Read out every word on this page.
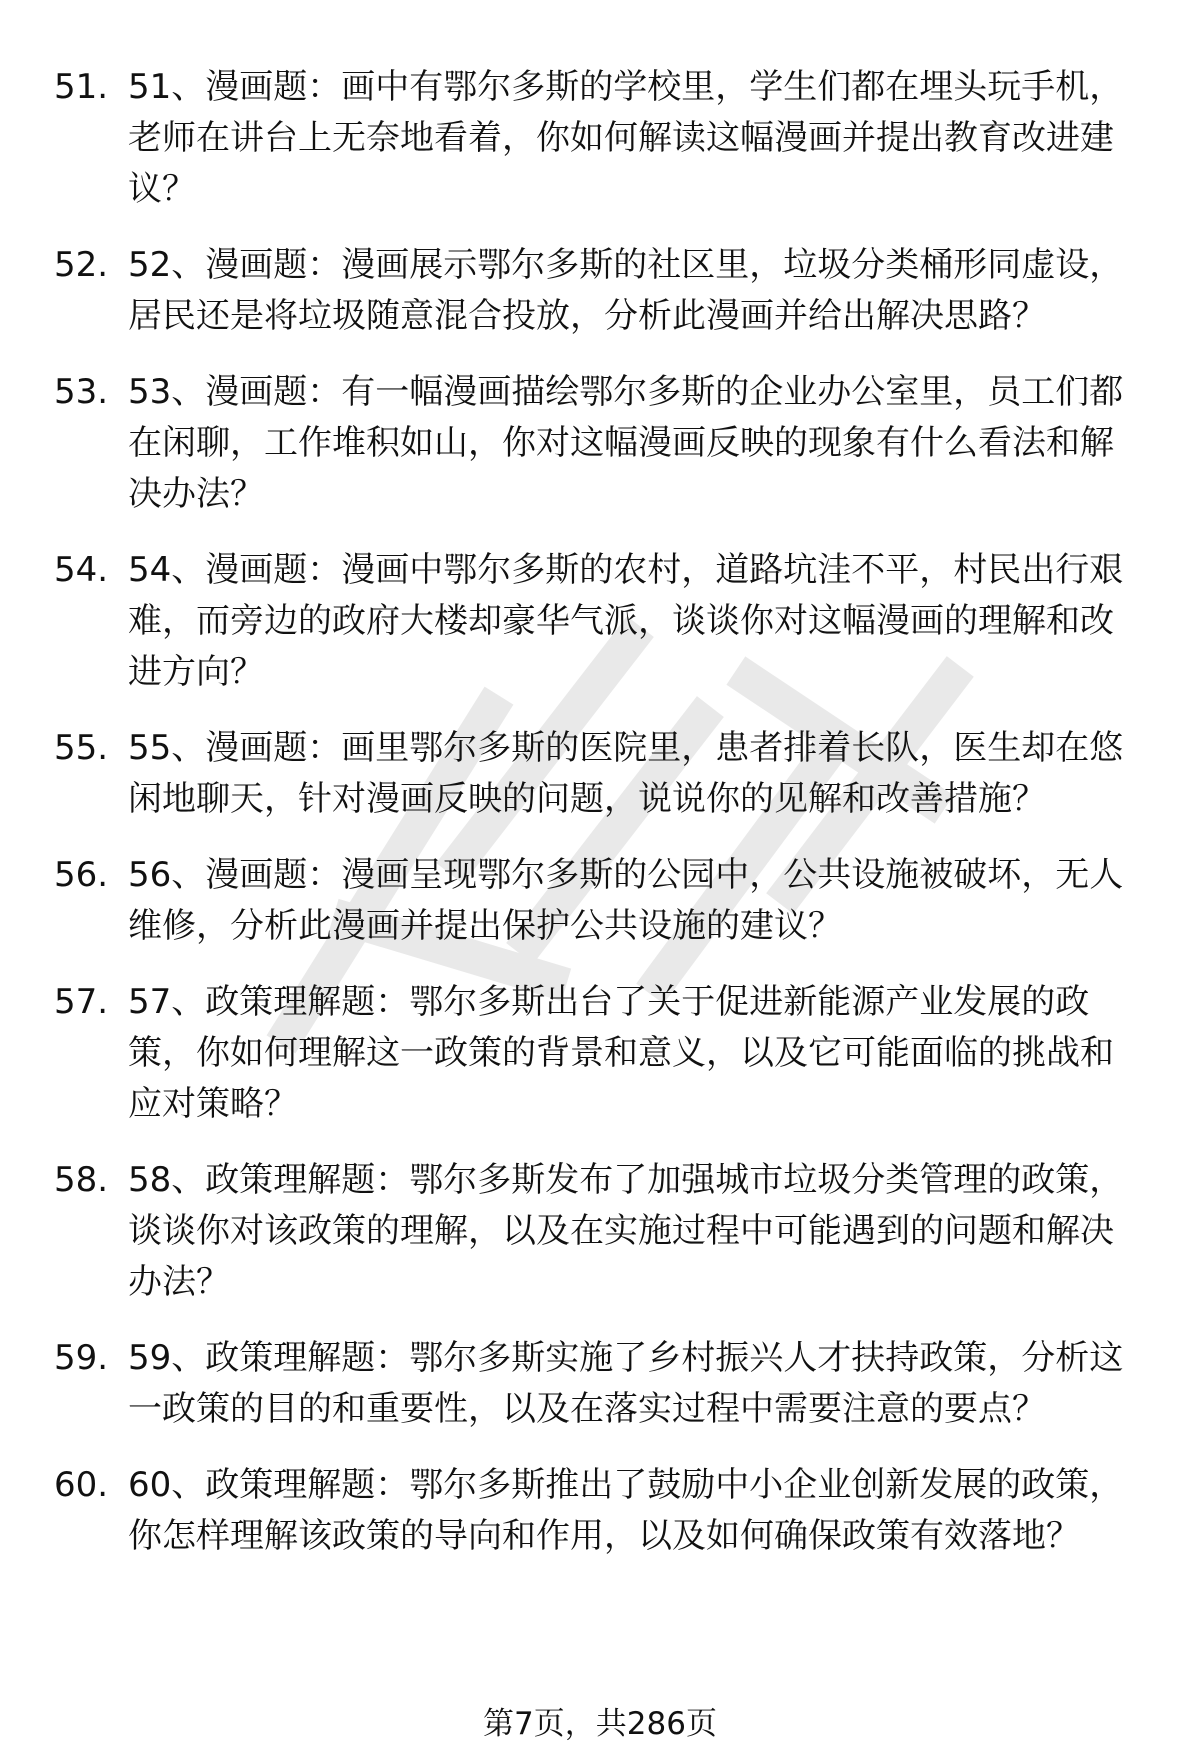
51. 51、漫画题：画中有鄂尔多斯的学校里，学生们都在埋头玩手机，老师在讲台上无奈地看着，你如何解读这幅漫画并提出教育改进建议？
52. 52、漫画题：漫画展示鄂尔多斯的社区里，垃圾分类桶形同虚设，居民还是将垃圾随意混合投放，分析此漫画并给出解决思路？
53. 53、漫画题：有一幅漫画描绘鄂尔多斯的企业办公室里，员工们都在闲聊，工作堆积如山，你对这幅漫画反映的现象有什么看法和解决办法？
54. 54、漫画题：漫画中鄂尔多斯的农村，道路坑洼不平，村民出行艰难，而旁边的政府大楼却豪华气派，谈谈你对这幅漫画的理解和改进方向？
55. 55、漫画题：画里鄂尔多斯的医院里，患者排着长队，医生却在悠闲地聊天，针对漫画反映的问题，说说你的见解和改善措施？
56. 56、漫画题：漫画呈现鄂尔多斯的公园中，公共设施被破坏，无人维修，分析此漫画并提出保护公共设施的建议？
57. 57、政策理解题：鄂尔多斯出台了关于促进新能源产业发展的政策，你如何理解这一政策的背景和意义，以及它可能面临的挑战和应对策略？
58. 58、政策理解题：鄂尔多斯发布了加强城市垃圾分类管理的政策，谈谈你对该政策的理解，以及在实施过程中可能遇到的问题和解决办法？
59. 59、政策理解题：鄂尔多斯实施了乡村振兴人才扶持政策，分析这一政策的目的和重要性，以及在落实过程中需要注意的要点？
60. 60、政策理解题：鄂尔多斯推出了鼓励中小企业创新发展的政策，你怎样理解该政策的导向和作用，以及如何确保政策有效落地？
第7页，共286页
